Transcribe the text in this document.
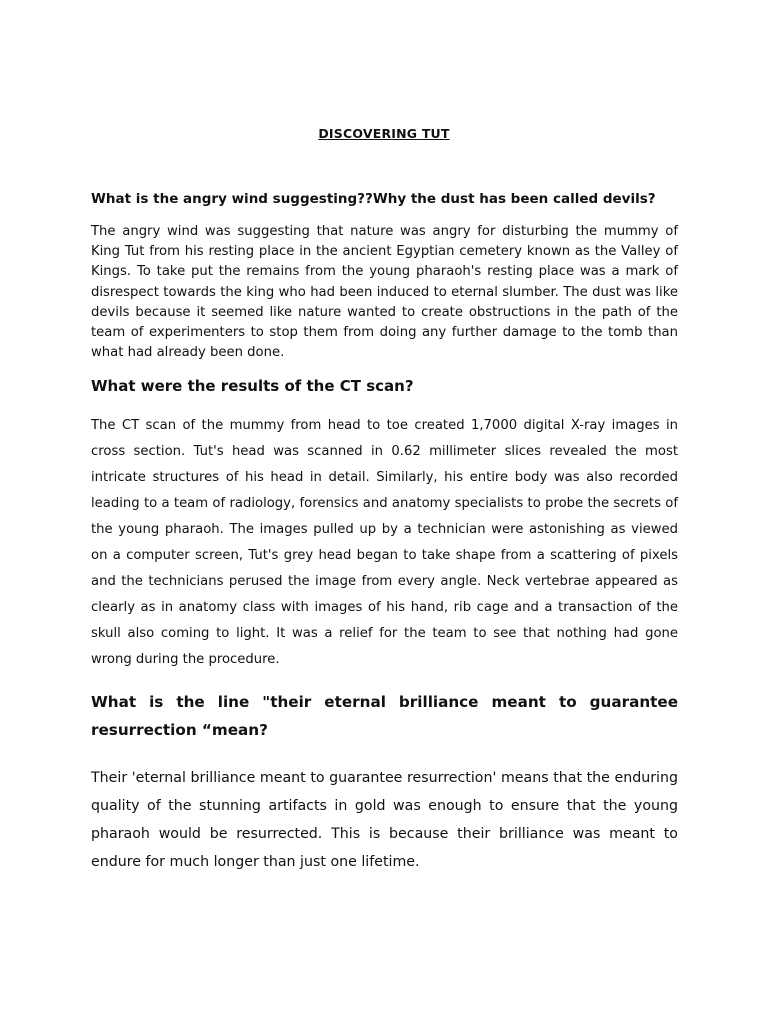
DISCOVERING TUT
What is the angry wind suggesting??Why the dust has been called devils?

The angry wind was suggesting that nature was angry for disturbing the mummy of King Tut from his resting place in the ancient Egyptian cemetery known as the Valley of Kings. To take put the remains from the young pharaoh's resting place was a mark of disrespect towards the king who had been induced to eternal slumber. The dust was like devils because it seemed like nature wanted to create obstructions in the path of the team of experimenters to stop them from doing any further damage to the tomb than what had already been done.

What were the results of the CT scan?

The CT scan of the mummy from head to toe created 1,7000 digital X-ray images in cross section. Tut's head was scanned in 0.62 millimeter slices revealed the most intricate structures of his head in detail. Similarly, his entire body was also recorded leading to a team of radiology, forensics and anatomy specialists to probe the secrets of the young pharaoh. The images pulled up by a technician were astonishing as viewed on a computer screen, Tut's grey head began to take shape from a scattering of pixels and the technicians perused the image from every angle. Neck vertebrae appeared as clearly as in anatomy class with images of his hand, rib cage and a transaction of the skull also coming to light. It was a relief for the team to see that nothing had gone wrong during the procedure.

What is the line "their eternal brilliance meant to guarantee resurrection “mean?

Their 'eternal brilliance meant to guarantee resurrection' means that the enduring quality of the stunning artifacts in gold was enough to ensure that the young pharaoh would be resurrected. This is because their brilliance was meant to endure for much longer than just one lifetime.
